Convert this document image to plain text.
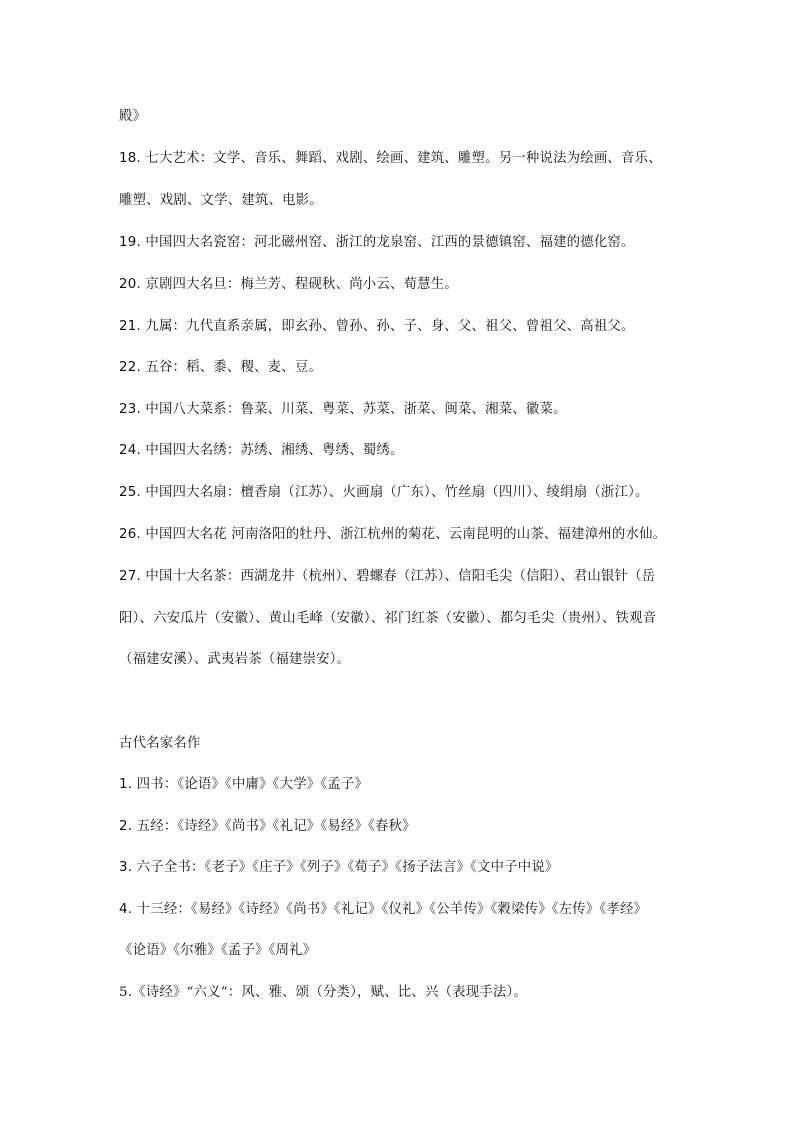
殿》
18. 七大艺术：文学、音乐、舞蹈、戏剧、绘画、建筑、雕塑。另一种说法为绘画、音乐、
雕塑、戏剧、文学、建筑、电影。
19. 中国四大名瓷窑：河北磁州窑、浙江的龙泉窑、江西的景德镇窑、福建的德化窑。
20. 京剧四大名旦：梅兰芳、程砚秋、尚小云、荀慧生。
21. 九属：九代直系亲属，即玄孙、曾孙、孙、子、身、父、祖父、曾祖父、高祖父。
22. 五谷：稻、黍、稷、麦、豆。
23. 中国八大菜系：鲁菜、川菜、粤菜、苏菜、浙菜、闽菜、湘菜、徽菜。
24. 中国四大名绣：苏绣、湘绣、粤绣、蜀绣。
25. 中国四大名扇：檀香扇（江苏）、火画扇（广东）、竹丝扇（四川）、绫绢扇（浙江）。
26. 中国四大名花 河南洛阳的牡丹、浙江杭州的菊花、云南昆明的山茶、福建漳州的水仙。
27. 中国十大名茶：西湖龙井（杭州）、碧螺春（江苏）、信阳毛尖（信阳）、君山银针（岳
阳）、六安瓜片（安徽）、黄山毛峰（安徽）、祁门红茶（安徽）、都匀毛尖（贵州）、铁观音
（福建安溪）、武夷岩茶（福建崇安）。
古代名家名作
1. 四书：《论语》《中庸》《大学》《孟子》
2. 五经：《诗经》《尚书》《礼记》《易经》《春秋》
3. 六子全书：《老子》《庄子》《列子》《荀子》《扬子法言》《文中子中说》
4. 十三经：《易经》《诗经》《尚书》《礼记》《仪礼》《公羊传》《穀梁传》《左传》《孝经》
《论语》《尔雅》《孟子》《周礼》
5.《诗经》“六义”：风、雅、颂（分类），赋、比、兴（表现手法）。
